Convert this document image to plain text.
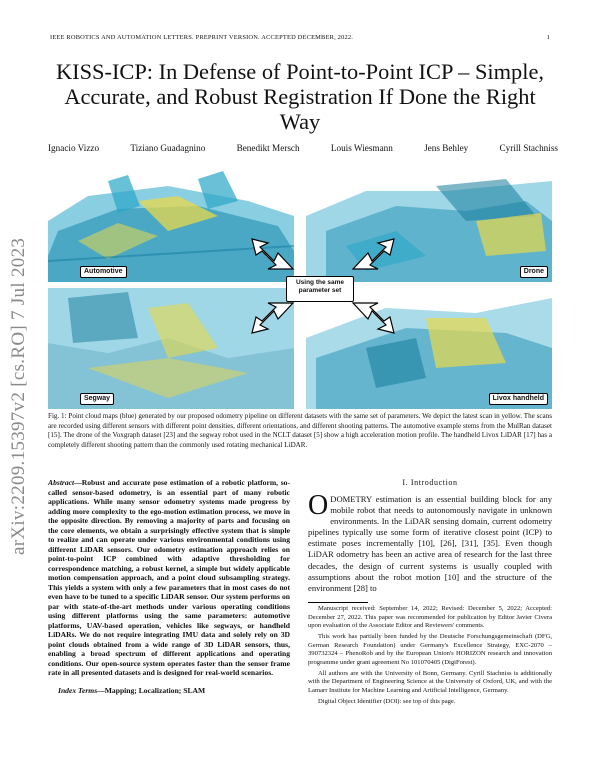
IEEE ROBOTICS AND AUTOMATION LETTERS. PREPRINT VERSION. ACCEPTED DECEMBER, 2022.	1
arXiv:2209.15397v2 [cs.RO] 7 Jul 2023
KISS-ICP: In Defense of Point-to-Point ICP – Simple, Accurate, and Robust Registration If Done the Right Way
Ignacio Vizzo	Tiziano Guadagnino	Benedikt Mersch	Louis Wiesmann	Jens Behley	Cyrill Stachniss
Automotive	Drone
Segway	Livox handheld
Using the same parameter set
Fig. 1: Point cloud maps (blue) generated by our proposed odometry pipeline on different datasets with the same set of parameters. We depict the latest scan in yellow. The scans are recorded using different sensors with different point densities, different orientations, and different shooting patterns. The automotive example stems from the MulRan dataset [15]. The drone of the Voxgraph dataset [23] and the segway robot used in the NCLT dataset [5] show a high acceleration motion profile. The handheld Livox LiDAR [17] has a completely different shooting pattern than the commonly used rotating mechanical LiDAR.
Abstract—Robust and accurate pose estimation of a robotic platform, so-called sensor-based odometry, is an essential part of many robotic applications. While many sensor odometry systems made progress by adding more complexity to the ego-motion estimation process, we move in the opposite direction. By removing a majority of parts and focusing on the core elements, we obtain a surprisingly effective system that is simple to realize and can operate under various environmental conditions using different LiDAR sensors. Our odometry estimation approach relies on point-to-point ICP combined with adaptive thresholding for correspondence matching, a robust kernel, a simple but widely applicable motion compensation approach, and a point cloud subsampling strategy. This yields a system with only a few parameters that in most cases do not even have to be tuned to a specific LiDAR sensor. Our system performs on par with state-of-the-art methods under various operating conditions using different platforms using the same parameters: automotive platforms, UAV-based operation, vehicles like segways, or handheld LiDARs. We do not require integrating IMU data and solely rely on 3D point clouds obtained from a wide range of 3D LiDAR sensors, thus, enabling a broad spectrum of different applications and operating conditions. Our open-source system operates faster than the sensor frame rate in all presented datasets and is designed for real-world scenarios.
Index Terms—Mapping; Localization; SLAM
I. Introduction
ODOMETRY estimation is an essential building block for any mobile robot that needs to autonomously navigate in unknown environments. In the LiDAR sensing domain, current odometry pipelines typically use some form of iterative closest point (ICP) to estimate poses incrementally [10], [26], [31], [35]. Even though LiDAR odometry has been an active area of research for the last three decades, the design of current systems is usually coupled with assumptions about the robot motion [10] and the structure of the environment [28] to
Manuscript received: September 14, 2022; Revised: December 5, 2022; Accepted: December 27, 2022. This paper was recommended for publication by Editor Javier Civera upon evaluation of the Associate Editor and Reviewers' comments.
This work has partially been funded by the Deutsche Forschungsgemeinschaft (DFG, German Research Foundation) under Germany's Excellence Strategy, EXC-2070 – 390732324 – PhenoRob and by the European Union's HORIZON research and innovation programme under grant agreement No 101070405 (DigiForest).
All authors are with the University of Bonn, Germany. Cyrill Stachniss is additionally with the Department of Engineering Science at the University of Oxford, UK, and with the Lamarr Institute for Machine Learning and Artificial Intelligence, Germany.
Digital Object Identifier (DOI): see top of this page.
